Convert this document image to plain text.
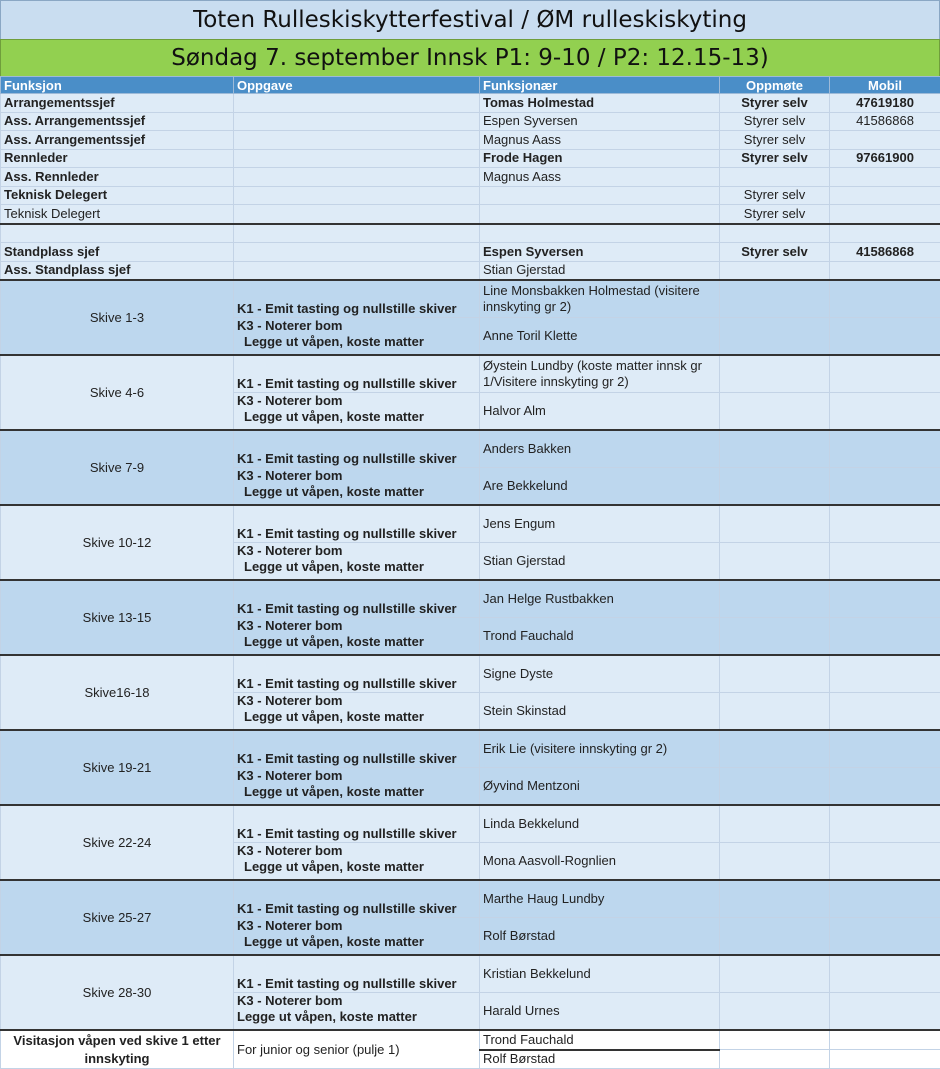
Toten Rulleskiskytterfestival / ØM rulleskiskyting
Søndag 7. september Innsk P1: 9-10 / P2: 12.15-13)
Funksjon	Oppgave	Funksjonær	Oppmøte	Mobil
Arrangementssjef		Tomas Holmestad	Styrer selv	47619180
Ass. Arrangementssjef		Espen Syversen	Styrer selv	41586868
Ass. Arrangementssjef		Magnus Aass	Styrer selv	
Rennleder		Frode Hagen	Styrer selv	97661900
Ass. Rennleder		Magnus Aass		
Teknisk Delegert			Styrer selv	
Teknisk Delegert			Styrer selv	

Standplass sjef		Espen Syversen	Styrer selv	41586868
Ass. Standplass sjef		Stian Gjerstad		
Skive 1-3	K1 - Emit tasting og nullstille skiver	Line Monsbakken Holmestad (visitere innskyting gr 2)		

	K3 - Noterer bom
Legge ut våpen, koste matter	Anne Toril Klette		
Skive 4-6	K1 - Emit tasting og nullstille skiver	Øystein Lundby (koste matter innsk gr 1/Visitere innskyting gr 2)		

	K3 - Noterer bom
Legge ut våpen, koste matter	Halvor Alm		
Skive 7-9	K1 - Emit tasting og nullstille skiver	Anders Bakken		

	K3 - Noterer bom
Legge ut våpen, koste matter	Are Bekkelund		
Skive 10-12	K1 - Emit tasting og nullstille skiver	Jens Engum		

	K3 - Noterer bom
Legge ut våpen, koste matter	Stian Gjerstad		
Skive 13-15	K1 - Emit tasting og nullstille skiver	Jan Helge Rustbakken		

	K3 - Noterer bom
Legge ut våpen, koste matter	Trond Fauchald		
Skive16-18	K1 - Emit tasting og nullstille skiver	Signe Dyste		

	K3 - Noterer bom
Legge ut våpen, koste matter	Stein Skinstad		
Skive 19-21	K1 - Emit tasting og nullstille skiver	Erik Lie (visitere innskyting gr 2)		

	K3 - Noterer bom
Legge ut våpen, koste matter	Øyvind Mentzoni		
Skive 22-24	K1 - Emit tasting og nullstille skiver	Linda Bekkelund		

	K3 - Noterer bom
Legge ut våpen, koste matter	Mona Aasvoll-Rognlien		
Skive 25-27	K1 - Emit tasting og nullstille skiver	Marthe Haug Lundby		

	K3 - Noterer bom
Legge ut våpen, koste matter	Rolf Børstad		
Skive 28-30	K1 - Emit tasting og nullstille skiver	Kristian Bekkelund		

	K3 - Noterer bom
Legge ut våpen, koste matter	Harald Urnes		
Visitasjon våpen ved skive 1 etter innskyting	For junior og senior (pulje 1)	Trond Fauchald		
		Rolf Børstad		
